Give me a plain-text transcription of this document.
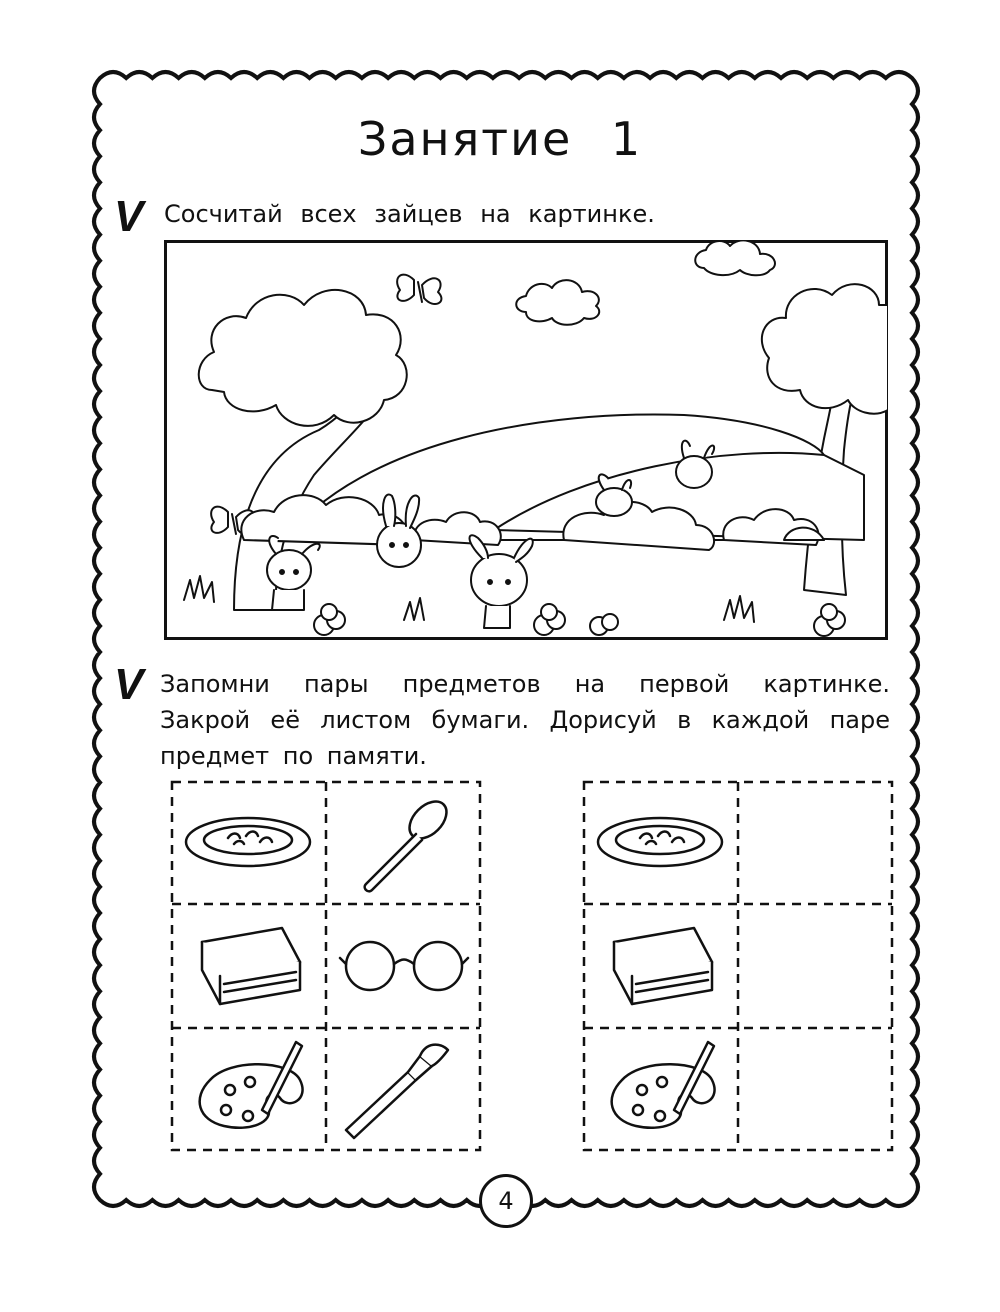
Занятие 1
V Сосчитай всех зайцев на картинке.
V Запомни пары предметов на первой картинке. Закрой её листом бумаги. Дорисуй в каждой паре предмет по памяти.
4
